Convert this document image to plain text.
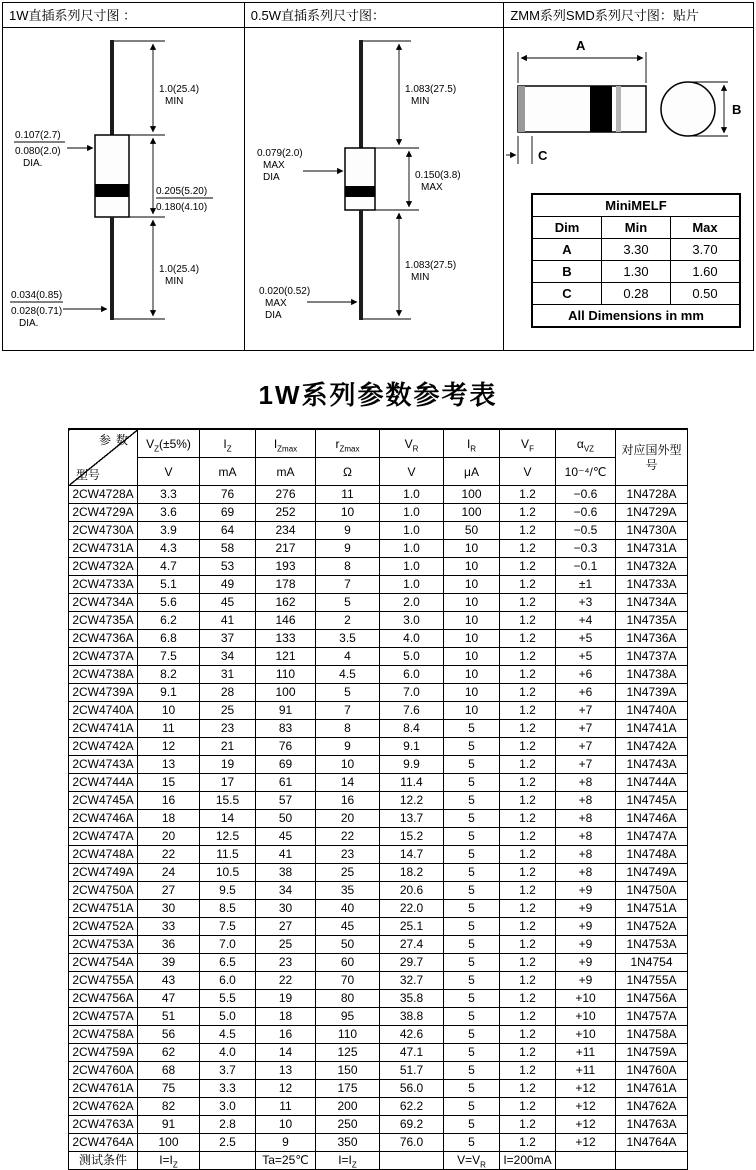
1W直插系列尺寸图 ：
1.0(25.4)
MIN
0.107(2.7)
0.080(2.0)
DIA.
0.205(5.20)
0.180(4.10)
1.0(25.4)
MIN
0.034(0.85)
0.028(0.71)
DIA.
0.5W直插系列尺寸图：
1.083(27.5)
MIN
0.079(2.0)
MAX
DIA	0.150(3.8)
MAX
1.083(27.5)
MIN
0.020(0.52)
MAX
DIA
ZMM系列SMD系列尺寸图：贴片
A
B
C
MiniMELF		
Dim	Min	Max
A	3.30	3.70
B	1.30	1.60
C	0.28	0.50
All Dimensions in mm		
1W系列参数参考表
参数
型号	$V_Z(\pm 5\%)$	$I_Z$	$I_{Zmax}$	$r_{Zmax}$	$V_R$	$I_R$	$V_F$	$\alpha_{VZ}$	对应国外型号
	V	mA	mA	Ω	V	μA	V	10⁻⁴/℃	
2CW4728A	3.3	76	276	11	1.0	100	1.2	−0.6	1N4728A
2CW4729A	3.6	69	252	10	1.0	100	1.2	−0.6	1N4729A
2CW4730A	3.9	64	234	9	1.0	50	1.2	−0.5	1N4730A
2CW4731A	4.3	58	217	9	1.0	10	1.2	−0.3	1N4731A
2CW4732A	4.7	53	193	8	1.0	10	1.2	−0.1	1N4732A
2CW4733A	5.1	49	178	7	1.0	10	1.2	±1	1N4733A
2CW4734A	5.6	45	162	5	2.0	10	1.2	+3	1N4734A
2CW4735A	6.2	41	146	2	3.0	10	1.2	+4	1N4735A
2CW4736A	6.8	37	133	3.5	4.0	10	1.2	+5	1N4736A
2CW4737A	7.5	34	121	4	5.0	10	1.2	+5	1N4737A
2CW4738A	8.2	31	110	4.5	6.0	10	1.2	+6	1N4738A
2CW4739A	9.1	28	100	5	7.0	10	1.2	+6	1N4739A
2CW4740A	10	25	91	7	7.6	10	1.2	+7	1N4740A
2CW4741A	11	23	83	8	8.4	5	1.2	+7	1N4741A
2CW4742A	12	21	76	9	9.1	5	1.2	+7	1N4742A
2CW4743A	13	19	69	10	9.9	5	1.2	+7	1N4743A
2CW4744A	15	17	61	14	11.4	5	1.2	+8	1N4744A
2CW4745A	16	15.5	57	16	12.2	5	1.2	+8	1N4745A
2CW4746A	18	14	50	20	13.7	5	1.2	+8	1N4746A
2CW4747A	20	12.5	45	22	15.2	5	1.2	+8	1N4747A
2CW4748A	22	11.5	41	23	14.7	5	1.2	+8	1N4748A
2CW4749A	24	10.5	38	25	18.2	5	1.2	+8	1N4749A
2CW4750A	27	9.5	34	35	20.6	5	1.2	+9	1N4750A
2CW4751A	30	8.5	30	40	22.0	5	1.2	+9	1N4751A
2CW4752A	33	7.5	27	45	25.1	5	1.2	+9	1N4752A
2CW4753A	36	7.0	25	50	27.4	5	1.2	+9	1N4753A
2CW4754A	39	6.5	23	60	29.7	5	1.2	+9	1N4754
2CW4755A	43	6.0	22	70	32.7	5	1.2	+9	1N4755A
2CW4756A	47	5.5	19	80	35.8	5	1.2	+10	1N4756A
2CW4757A	51	5.0	18	95	38.8	5	1.2	+10	1N4757A
2CW4758A	56	4.5	16	110	42.6	5	1.2	+10	1N4758A
2CW4759A	62	4.0	14	125	47.1	5	1.2	+11	1N4759A
2CW4760A	68	3.7	13	150	51.7	5	1.2	+11	1N4760A
2CW4761A	75	3.3	12	175	56.0	5	1.2	+12	1N4761A
2CW4762A	82	3.0	11	200	62.2	5	1.2	+12	1N4762A
2CW4763A	91	2.8	10	250	69.2	5	1.2	+12	1N4763A
2CW4764A	100	2.5	9	350	76.0	5	1.2	+12	1N4764A
测试条件	$I=I_Z$		Ta=25℃	$I=I_Z$		$V=V_R$	I=200mA		
